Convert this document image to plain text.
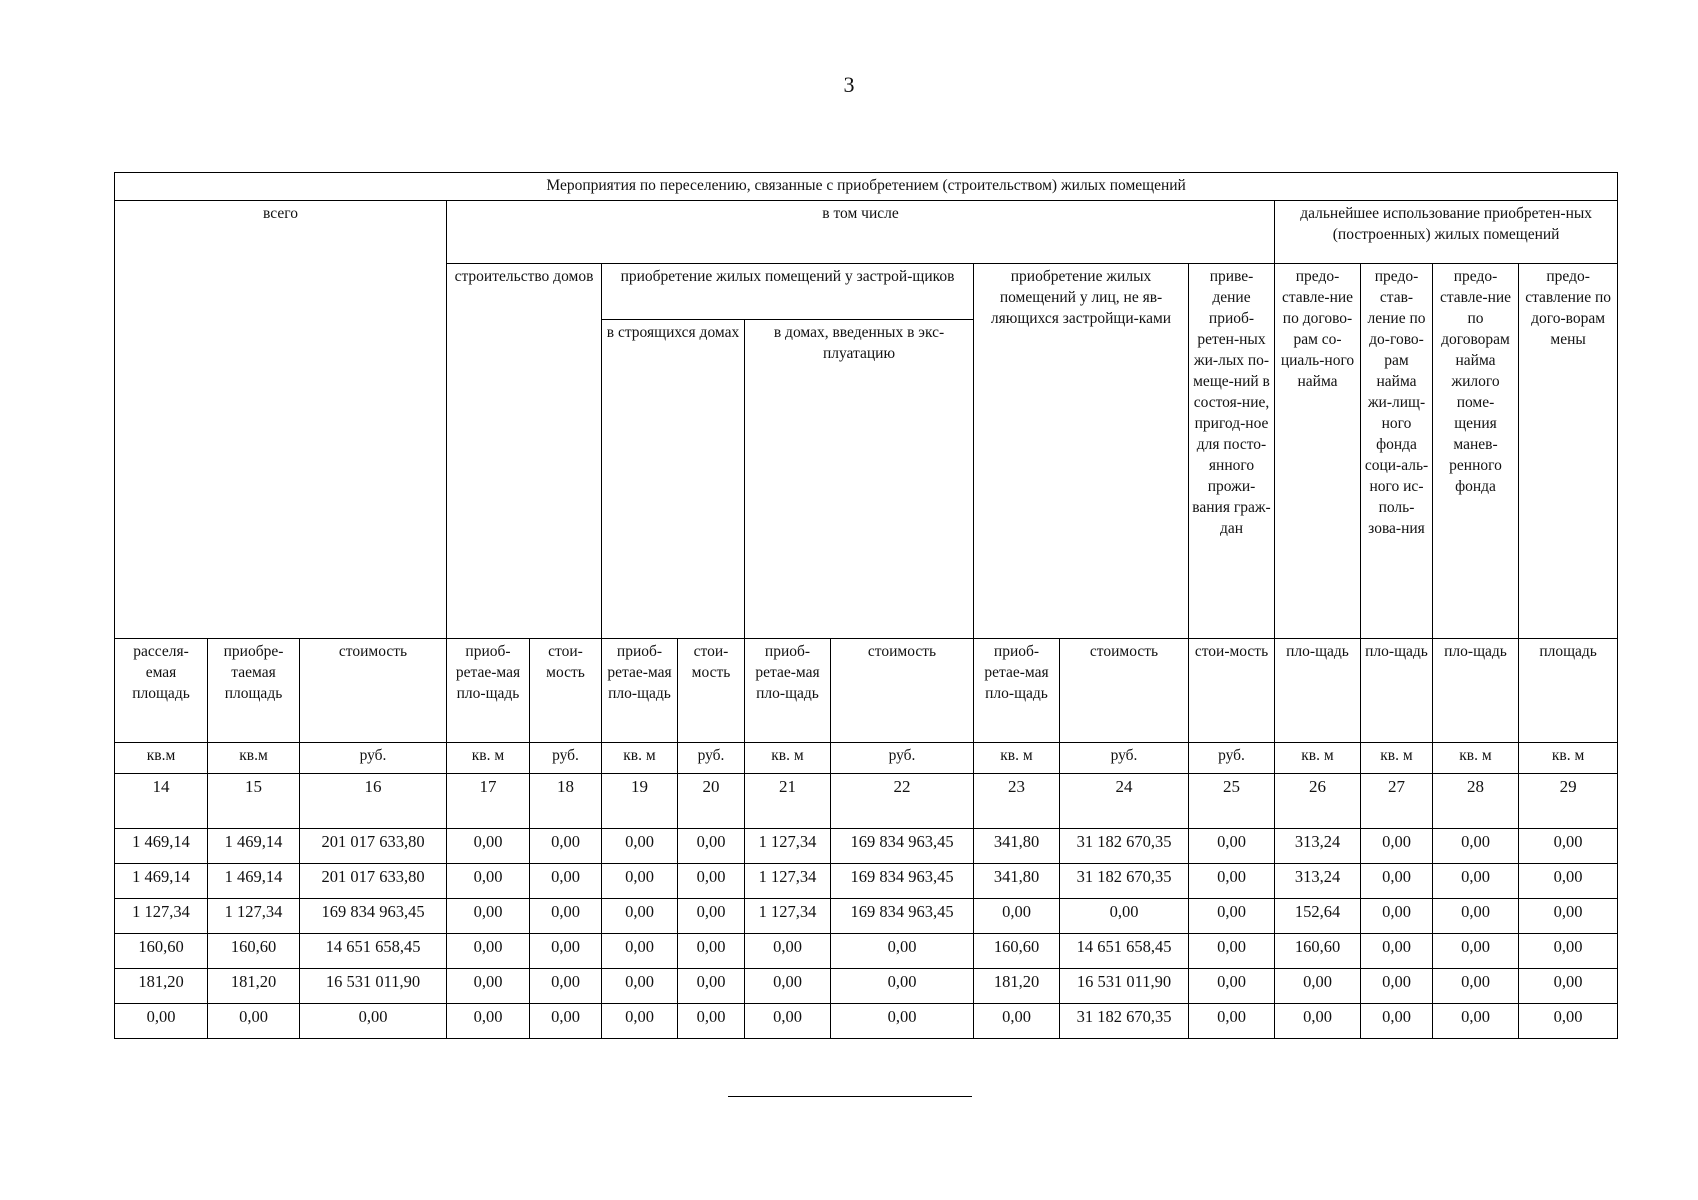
3
Мероприятия по переселению, связанные с приобретением (строительством) жилых помещений															
всего			в том числе									дальнейшее использование приобретен-ных (построенных) жилых помещений			
			строительство домов		приобретение жилых помещений у застрой-щиков				приобретение жилых помещений у лиц, не яв-ляющихся застройщи-ками		приве-дение приоб-ретен-ных жи-лых по-меще-ний в состоя-ние, пригод-ное для посто-янного прожи-вания граж-дан	предо-ставле-ние по догово-рам со-циаль-ного найма	предо-став-ление по до-гово-рам найма жи-лищ-ного фонда соци-аль-ного ис-поль-зова-ния	предо-ставле-ние по договорам найма жилого поме-щения манев-ренного фонда	предо-ставление по дого-ворам мены
					в строящихся домах		в домах, введенных в экс-плуатацию								
расселя-емая площадь	приобре-таемая площадь	стоимость	приоб-ретае-мая пло-щадь	стои-мость	приоб-ретае-мая пло-щадь	стои-мость	приоб-ретае-мая пло-щадь	стоимость	приоб-ретае-мая пло-щадь	стоимость	стои-мость	пло-щадь	пло-щадь	пло-щадь	площадь
кв.м	кв.м	руб.	кв. м	руб.	кв. м	руб.	кв. м	руб.	кв. м	руб.	руб.	кв. м	кв. м	кв. м	кв. м
14	15	16	17	18	19	20	21	22	23	24	25	26	27	28	29
1 469,14	1 469,14	201 017 633,80	0,00	0,00	0,00	0,00	1 127,34	169 834 963,45	341,80	31 182 670,35	0,00	313,24	0,00	0,00	0,00
1 469,14	1 469,14	201 017 633,80	0,00	0,00	0,00	0,00	1 127,34	169 834 963,45	341,80	31 182 670,35	0,00	313,24	0,00	0,00	0,00
1 127,34	1 127,34	169 834 963,45	0,00	0,00	0,00	0,00	1 127,34	169 834 963,45	0,00	0,00	0,00	152,64	0,00	0,00	0,00
160,60	160,60	14 651 658,45	0,00	0,00	0,00	0,00	0,00	0,00	160,60	14 651 658,45	0,00	160,60	0,00	0,00	0,00
181,20	181,20	16 531 011,90	0,00	0,00	0,00	0,00	0,00	0,00	181,20	16 531 011,90	0,00	0,00	0,00	0,00	0,00
0,00	0,00	0,00	0,00	0,00	0,00	0,00	0,00	0,00	0,00	31 182 670,35	0,00	0,00	0,00	0,00	0,00
